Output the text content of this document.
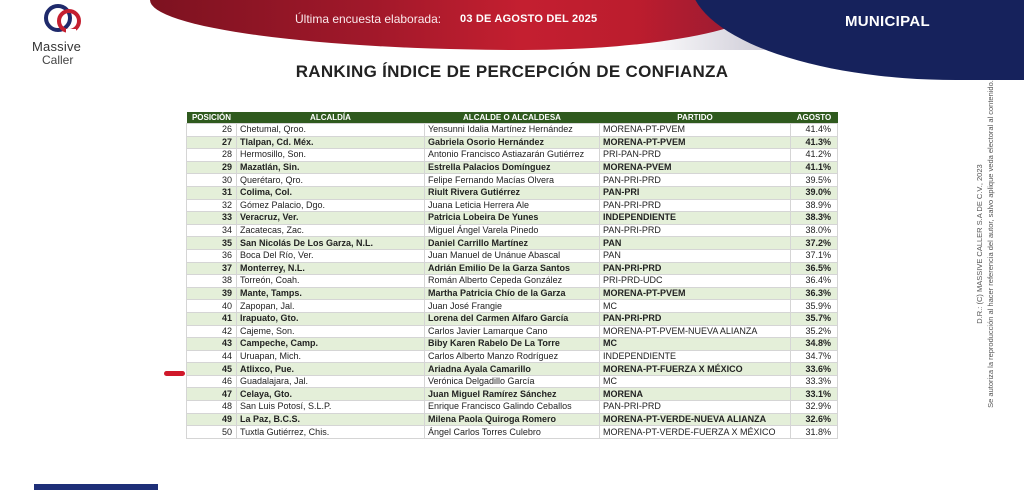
Última encuesta elaborada: 03 DE AGOSTO DEL 2025	MUNICIPAL
Massive
Caller
RANKING ÍNDICE DE PERCEPCIÓN DE CONFIANZA
POSICIÓN	ALCALDÍA	ALCALDE O ALCALDESA	PARTIDO	AGOSTO
26	Chetumal, Qroo.	Yensunni Idalia Martínez Hernández	MORENA-PT-PVEM	41.4%
27	Tlalpan, Cd. Méx.	Gabriela Osorio Hernández	MORENA-PT-PVEM	41.3%
28	Hermosillo, Son.	Antonio Francisco Astiazarán Gutiérrez	PRI-PAN-PRD	41.2%
29	Mazatlán, Sin.	Estrella Palacios Domínguez	MORENA-PVEM	41.1%
30	Querétaro, Qro.	Felipe Fernando Macías Olvera	PAN-PRI-PRD	39.5%
31	Colima, Col.	Riult Rivera Gutiérrez	PAN-PRI	39.0%
32	Gómez Palacio, Dgo.	Juana Leticia Herrera Ale	PAN-PRI-PRD	38.9%
33	Veracruz, Ver.	Patricia Lobeira De Yunes	INDEPENDIENTE	38.3%
34	Zacatecas, Zac.	Miguel Ángel Varela Pinedo	PAN-PRI-PRD	38.0%
35	San Nicolás De Los Garza, N.L.	Daniel Carrillo Martínez	PAN	37.2%
36	Boca Del Río, Ver.	Juan Manuel de Unánue Abascal	PAN	37.1%
37	Monterrey, N.L.	Adrián Emilio De la Garza Santos	PAN-PRI-PRD	36.5%
38	Torreón, Coah.	Román Alberto Cepeda González	PRI-PRD-UDC	36.4%
39	Mante, Tamps.	Martha Patricia Chío de la Garza	MORENA-PT-PVEM	36.3%
40	Zapopan, Jal.	Juan José Frangie	MC	35.9%
41	Irapuato, Gto.	Lorena del Carmen Alfaro García	PAN-PRI-PRD	35.7%
42	Cajeme, Son.	Carlos Javier Lamarque Cano	MORENA-PT-PVEM-NUEVA ALIANZA	35.2%
43	Campeche, Camp.	Biby Karen Rabelo De La Torre	MC	34.8%
44	Uruapan, Mich.	Carlos Alberto Manzo Rodríguez	INDEPENDIENTE	34.7%
45	Atlixco, Pue.	Ariadna Ayala Camarillo	MORENA-PT-FUERZA X MÉXICO	33.6%
46	Guadalajara, Jal.	Verónica Delgadillo García	MC	33.3%
47	Celaya, Gto.	Juan Miguel Ramírez Sánchez	MORENA	33.1%
48	San Luis Potosí, S.L.P.	Enrique Francisco Galindo Ceballos	PAN-PRI-PRD	32.9%
49	La Paz, B.C.S.	Milena Paola Quiroga Romero	MORENA-PT-VERDE-NUEVA ALIANZA	32.6%
50	Tuxtla Gutiérrez, Chis.	Ángel Carlos Torres Culebro	MORENA-PT-VERDE-FUERZA X MÉXICO	31.8%
D.R.: (C) MASSIVE CALLER S.A DE C.V., 2023 Se autoriza la reproducción al hacer referencia del autor, salvo aplique veda electoral al contenido.
